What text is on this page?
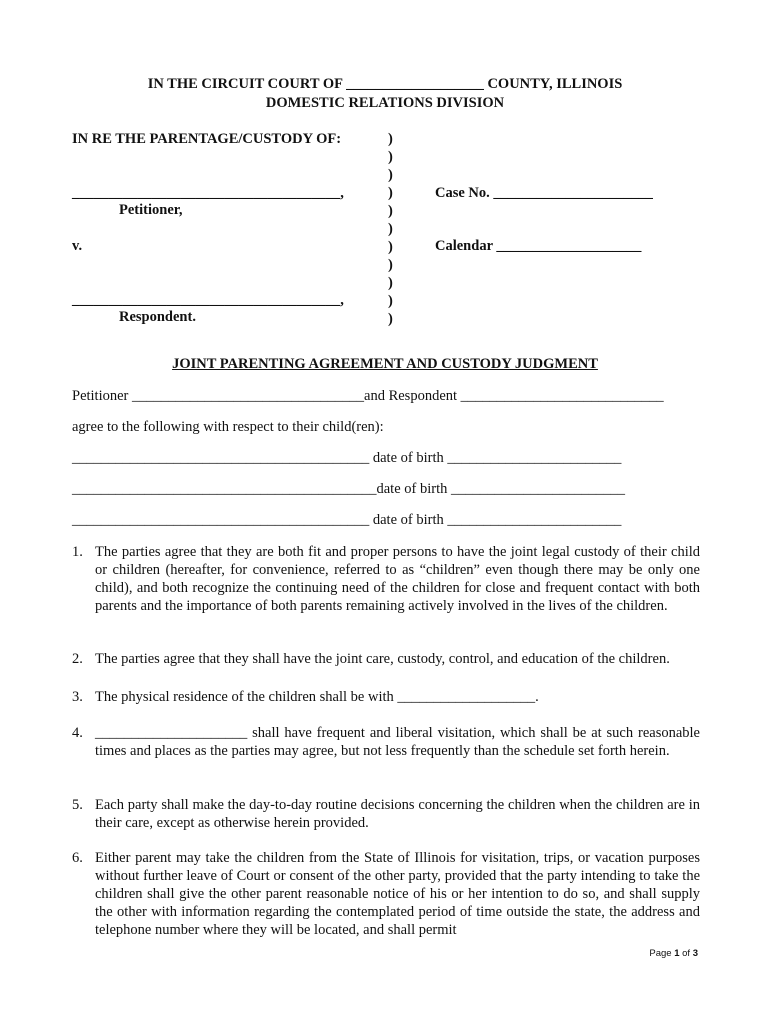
IN THE CIRCUIT COURT OF ___________________ COUNTY, ILLINOIS
DOMESTIC RELATIONS DIVISION
IN RE THE PARENTAGE/CUSTODY OF:
_____________________________________,
Petitioner,
v.
_____________________________________,
Respondent.
)
)
)
)
)
)
)
)
)
)
)
Case No. ______________________
Calendar ____________________
JOINT PARENTING AGREEMENT AND CUSTODY JUDGMENT
Petitioner ________________________________and Respondent ____________________________
agree to the following with respect to their child(ren):
_________________________________________ date of birth ________________________
__________________________________________date of birth ________________________
_________________________________________ date of birth ________________________
1. The parties agree that they are both fit and proper persons to have the joint legal custody of their child or children (hereafter, for convenience, referred to as “children” even though there may be only one child), and both recognize the continuing need of the children for close and frequent contact with both parents and the importance of both parents remaining actively involved in the lives of the children.
2. The parties agree that they shall have the joint care, custody, control, and education of the children.
3. The physical residence of the children shall be with ___________________.
4. _____________________ shall have frequent and liberal visitation, which shall be at such reasonable times and places as the parties may agree, but not less frequently than the schedule set forth herein.
5. Each party shall make the day-to-day routine decisions concerning the children when the children are in their care, except as otherwise herein provided.
6. Either parent may take the children from the State of Illinois for visitation, trips, or vacation purposes without further leave of Court or consent of the other party, provided that the party intending to take the children shall give the other parent reasonable notice of his or her intention to do so, and shall supply the other with information regarding the contemplated period of time outside the state, the address and telephone number where they will be located, and shall permit
Page 1 of 3
